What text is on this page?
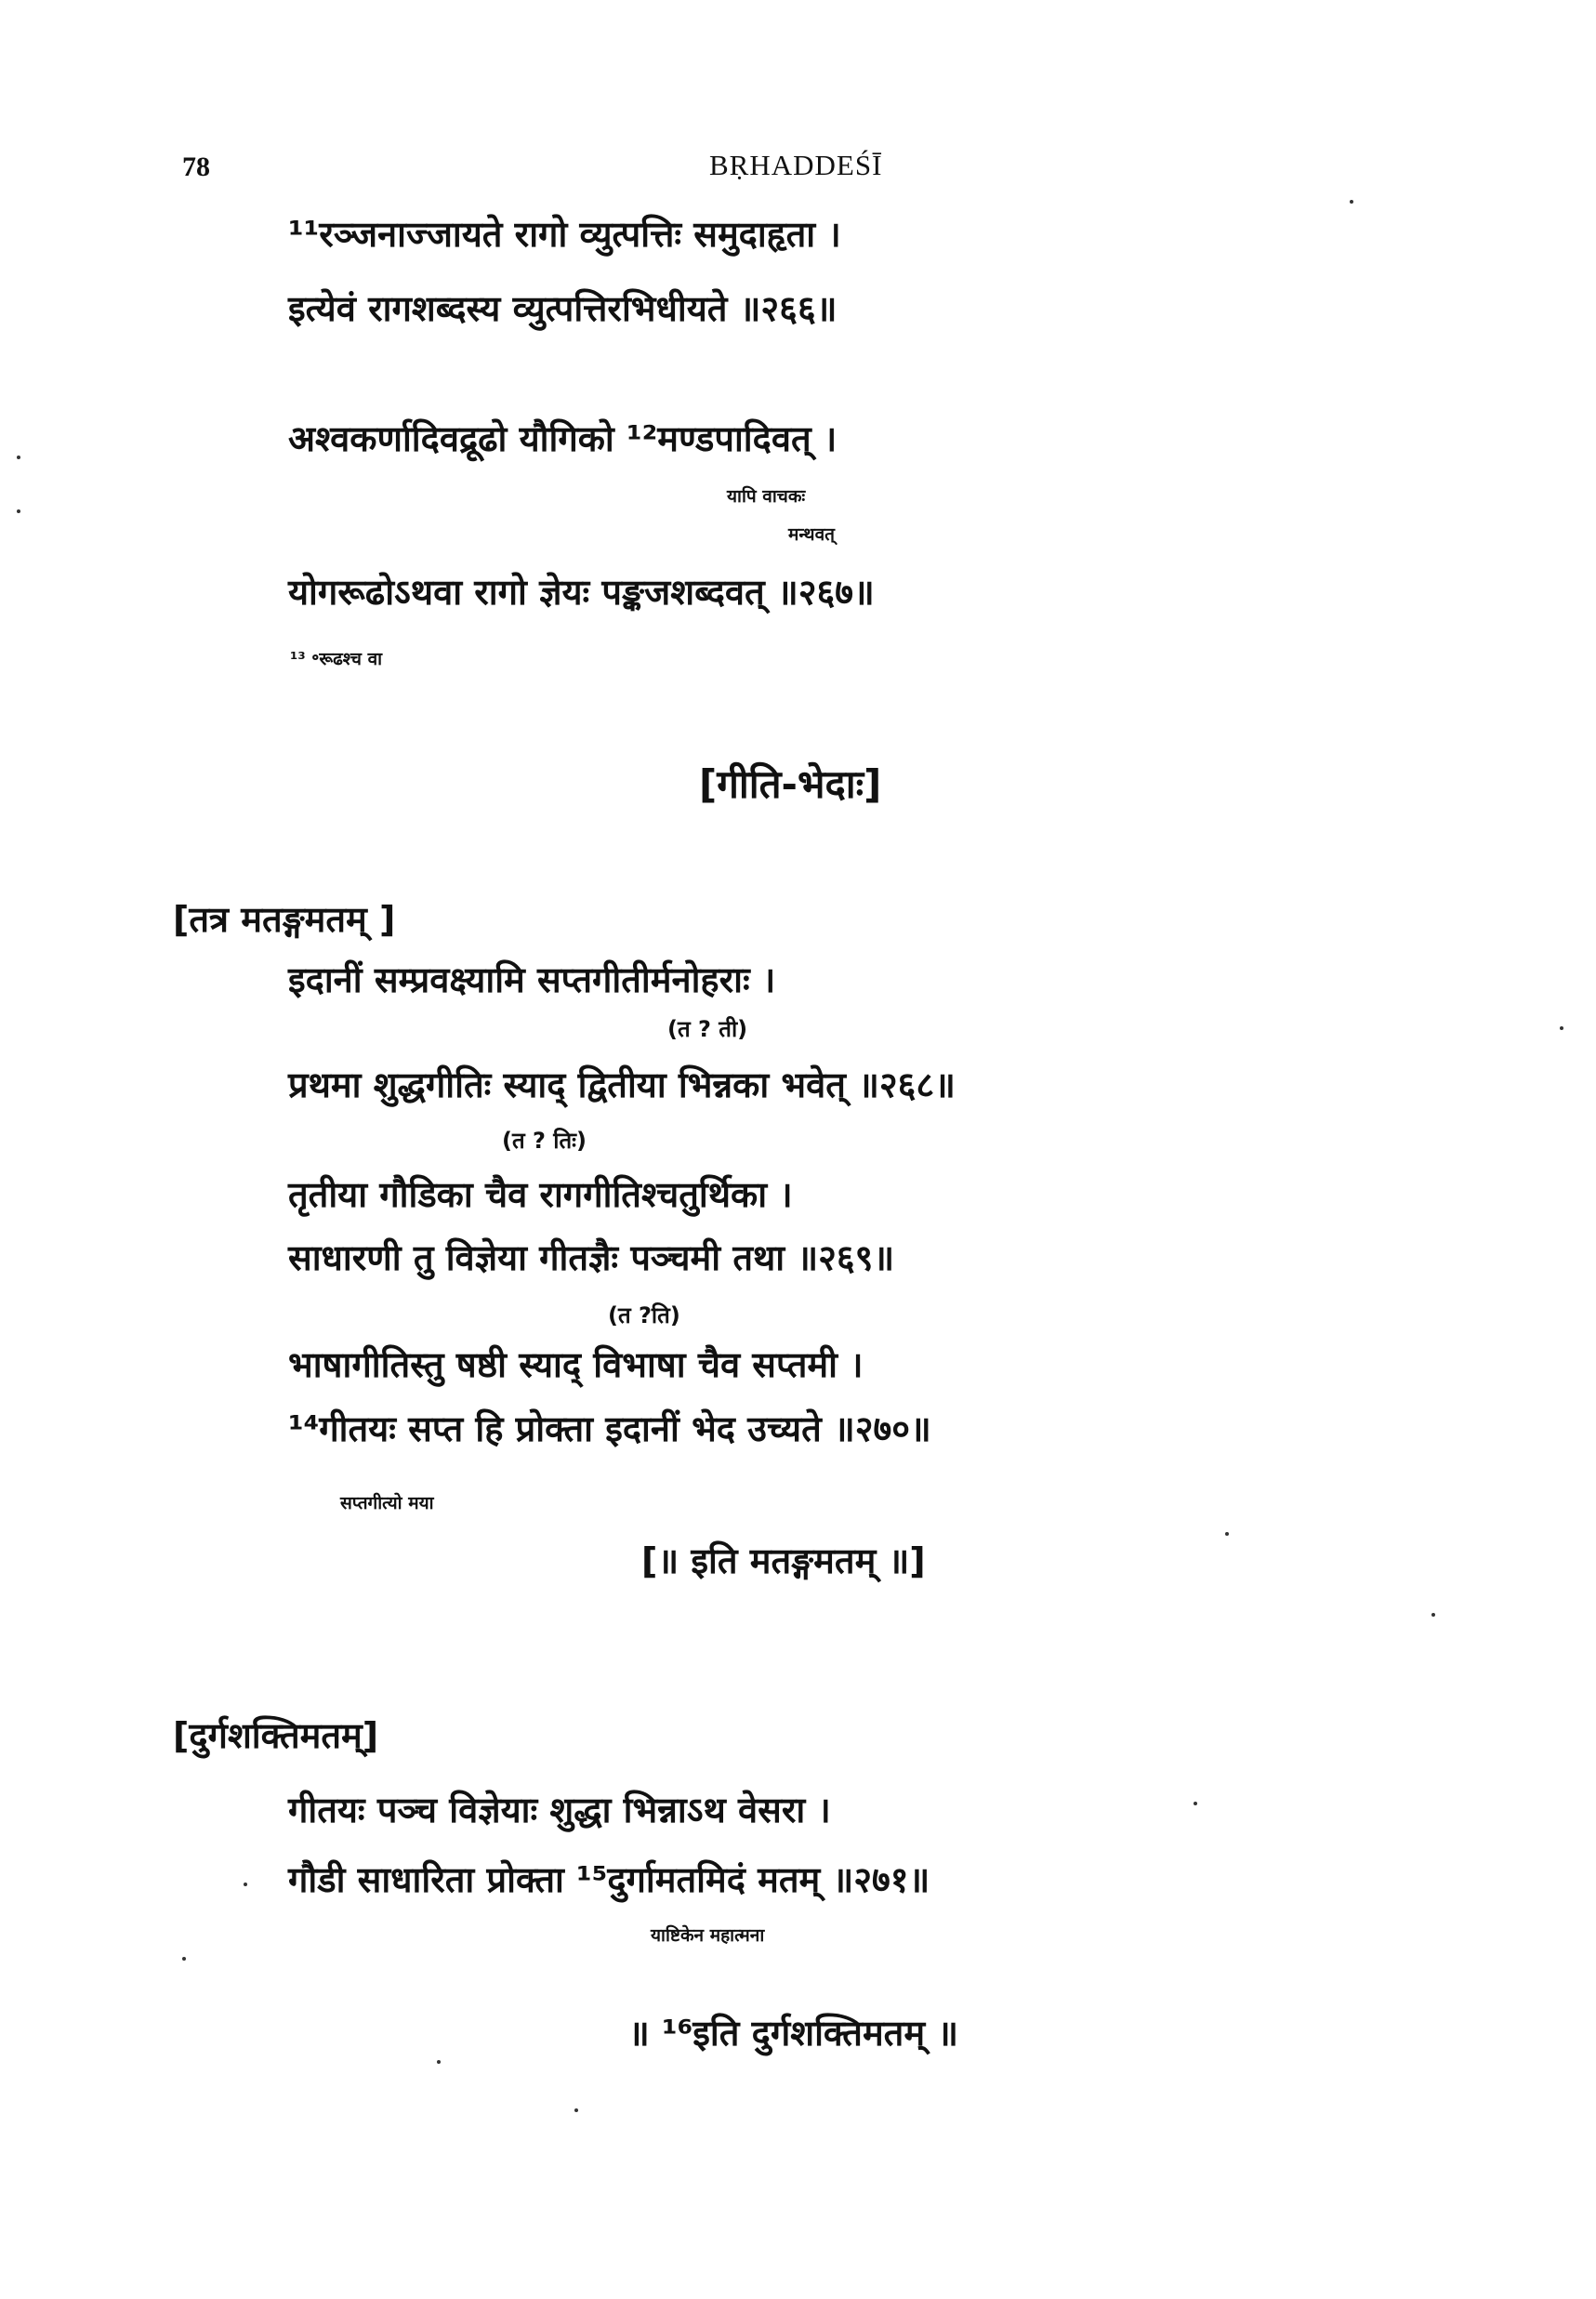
78	BṚHADDEŚĪ
¹¹रञ्जनाज्जायते रागो व्युत्पत्तिः समुदाहृता ।
इत्येवं रागशब्दस्य व्युत्पत्तिरभिधीयते ॥२६६॥
अश्वकर्णादिवद्रूढो यौगिको ¹²मण्डपादिवत् ।
यापि वाचकः
मन्थवत्
योगरूढोऽथवा रागो ज्ञेयः पङ्कजशब्दवत् ॥२६७॥
¹³ ॰रूढश्च वा
[गीति-भेदाः]
[तत्र मतङ्गमतम् ]
इदानीं सम्प्रवक्ष्यामि सप्तगीतीर्मनोहराः ।
(त ? ती)
प्रथमा शुद्धगीतिः स्याद् द्वितीया भिन्नका भवेत् ॥२६८॥
(त ? तिः)
तृतीया गौडिका चैव रागगीतिश्चतुर्थिका ।
साधारणी तु विज्ञेया गीतज्ञैः पञ्चमी तथा ॥२६९॥
(त ?ति)
भाषागीतिस्तु षष्ठी स्याद् विभाषा चैव सप्तमी ।
¹⁴गीतयः सप्त हि प्रोक्ता इदानीं भेद उच्यते ॥२७०॥
सप्तगीत्यो मया
[॥ इति मतङ्गमतम् ॥]
[दुर्गशक्तिमतम्]
गीतयः पञ्च विज्ञेयाः शुद्धा भिन्नाऽथ वेसरा ।
गौडी साधारिता प्रोक्ता ¹⁵दुर्गामतमिदं मतम् ॥२७१॥
याष्टिकेन महात्मना
॥ ¹⁶इति दुर्गशक्तिमतम् ॥
